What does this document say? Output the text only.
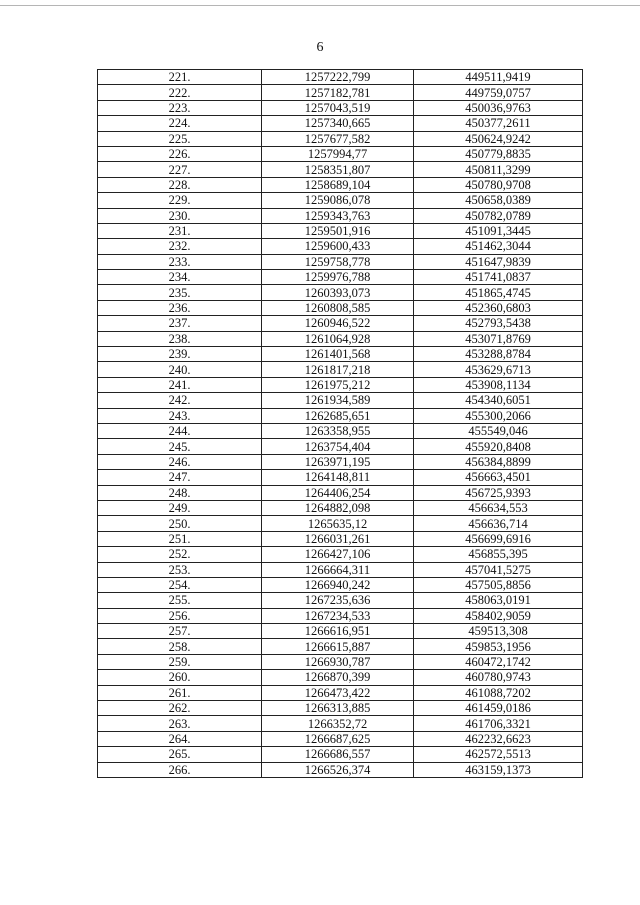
6
221.	1257222,799	449511,9419
222.	1257182,781	449759,0757
223.	1257043,519	450036,9763
224.	1257340,665	450377,2611
225.	1257677,582	450624,9242
226.	1257994,77	450779,8835
227.	1258351,807	450811,3299
228.	1258689,104	450780,9708
229.	1259086,078	450658,0389
230.	1259343,763	450782,0789
231.	1259501,916	451091,3445
232.	1259600,433	451462,3044
233.	1259758,778	451647,9839
234.	1259976,788	451741,0837
235.	1260393,073	451865,4745
236.	1260808,585	452360,6803
237.	1260946,522	452793,5438
238.	1261064,928	453071,8769
239.	1261401,568	453288,8784
240.	1261817,218	453629,6713
241.	1261975,212	453908,1134
242.	1261934,589	454340,6051
243.	1262685,651	455300,2066
244.	1263358,955	455549,046
245.	1263754,404	455920,8408
246.	1263971,195	456384,8899
247.	1264148,811	456663,4501
248.	1264406,254	456725,9393
249.	1264882,098	456634,553
250.	1265635,12	456636,714
251.	1266031,261	456699,6916
252.	1266427,106	456855,395
253.	1266664,311	457041,5275
254.	1266940,242	457505,8856
255.	1267235,636	458063,0191
256.	1267234,533	458402,9059
257.	1266616,951	459513,308
258.	1266615,887	459853,1956
259.	1266930,787	460472,1742
260.	1266870,399	460780,9743
261.	1266473,422	461088,7202
262.	1266313,885	461459,0186
263.	1266352,72	461706,3321
264.	1266687,625	462232,6623
265.	1266686,557	462572,5513
266.	1266526,374	463159,1373
